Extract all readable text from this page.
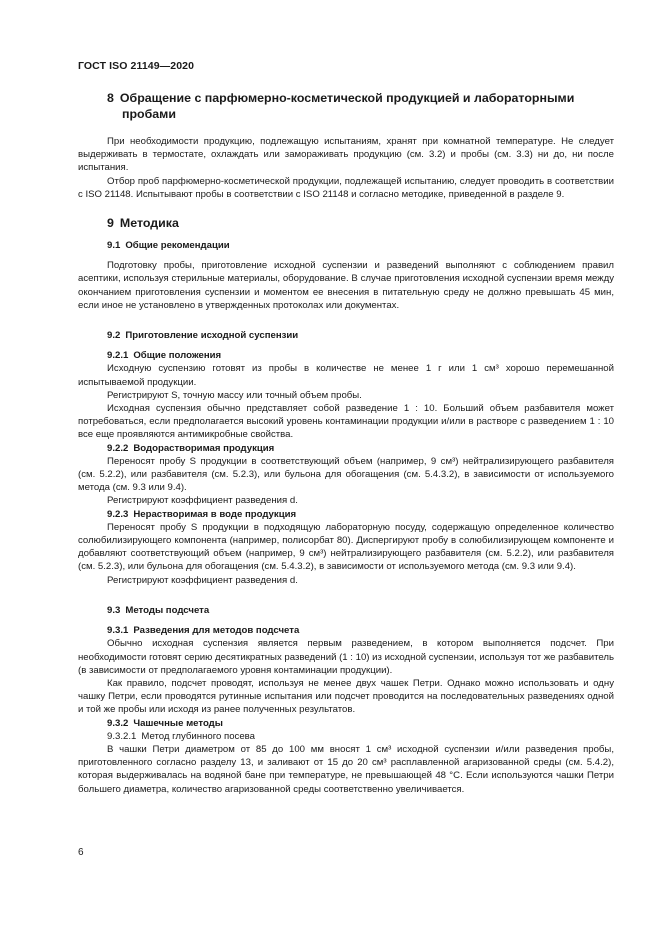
ГОСТ ISO 21149—2020
8 Обращение с парфюмерно-косметической продукцией и лабораторными
пробами

При необходимости продукцию, подлежащую испытаниям, хранят при комнатной температуре. Не следует выдерживать в термостате, охлаждать или замораживать продукцию (см. 3.2) и пробы (см. 3.3) ни до, ни после испытания.

Отбор проб парфюмерно-косметической продукции, подлежащей испытанию, следует проводить в соответствии с ISO 21148. Испытывают пробы в соответствии с ISO 21148 и согласно методике, приведенной в разделе 9.

9 Методика
9.1 Общие рекомендации

Подготовку пробы, приготовление исходной суспензии и разведений выполняют с соблюдением правил асептики, используя стерильные материалы, оборудование. В случае приготовления исходной суспензии время между окончанием приготовления суспензии и моментом ее внесения в питательную среду не должно превышать 45 мин, если иное не установлено в утвержденных протоколах или документах.

9.2 Приготовление исходной суспензии
9.2.1 Общие положения

Исходную суспензию готовят из пробы в количестве не менее 1 г или 1 см³ хорошо перемешанной испытываемой продукции.

Регистрируют S, точную массу или точный объем пробы.

Исходная суспензия обычно представляет собой разведение 1 : 10. Больший объем разбавителя может потребоваться, если предполагается высокий уровень контаминации продукции и/или в растворе с разведением 1 : 10 все еще проявляются антимикробные свойства.

9.2.2 Водорастворимая продукция

Переносят пробу S продукции в соответствующий объем (например, 9 см³) нейтрализирующего разбавителя (см. 5.2.2), или разбавителя (см. 5.2.3), или бульона для обогащения (см. 5.4.3.2), в зависимости от используемого метода (см. 9.3 или 9.4).

Регистрируют коэффициент разведения d.

9.2.3 Нерастворимая в воде продукция

Переносят пробу S продукции в подходящую лабораторную посуду, содержащую определенное количество солюбилизирующего компонента (например, полисорбат 80). Диспергируют пробу в солюбилизирующем компоненте и добавляют соответствующий объем (например, 9 см³) нейтрализирующего разбавителя (см. 5.2.2), или разбавителя (см. 5.2.3), или бульона для обогащения (см. 5.4.3.2), в зависимости от используемого метода (см. 9.3 или 9.4).

Регистрируют коэффициент разведения d.

9.3 Методы подсчета
9.3.1 Разведения для методов подсчета

Обычно исходная суспензия является первым разведением, в котором выполняется подсчет. При необходимости готовят серию десятикратных разведений (1 : 10) из исходной суспензии, используя тот же разбавитель (в зависимости от предполагаемого уровня контаминации продукции).

Как правило, подсчет проводят, используя не менее двух чашек Петри. Однако можно использовать и одну чашку Петри, если проводятся рутинные испытания или подсчет проводится на последовательных разведениях одной и той же пробы или исходя из ранее полученных результатов.

9.3.2 Чашечные методы
9.3.2.1 Метод глубинного посева

В чашки Петри диаметром от 85 до 100 мм вносят 1 см³ исходной суспензии и/или разведения пробы, приготовленного согласно разделу 13, и заливают от 15 до 20 см³ расплавленной агаризованной среды (см. 5.4.2), которая выдерживалась на водяной бане при температуре, не превышающей 48 °C. Если используются чашки Петри большего диаметра, количество агаризованной среды соответственно увеличивается.

6
